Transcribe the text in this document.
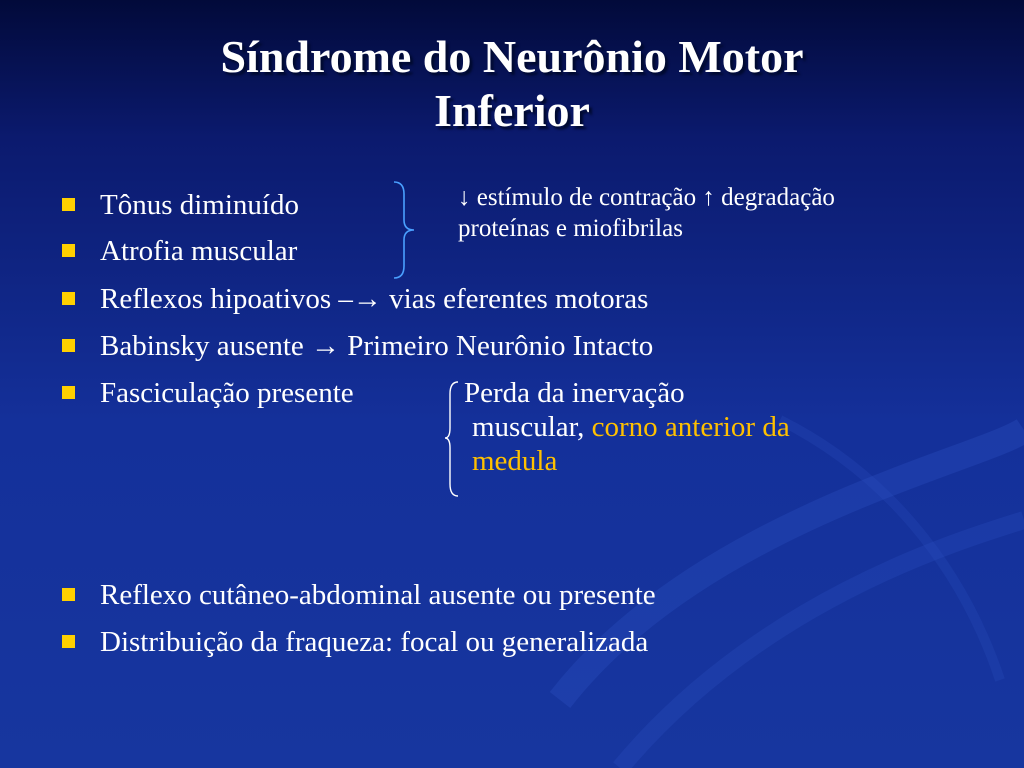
Síndrome do Neurônio Motor
Inferior
Tônus diminuído
Atrofia muscular
Reflexos hipoativos –→ vias eferentes motoras
Babinsky ausente → Primeiro Neurônio Intacto
Fasciculação presente
Reflexo cutâneo-abdominal ausente ou presente
Distribuição da fraqueza: focal ou generalizada
↓ estímulo de contração ↑ degradação
proteínas e miofibrilas
Perda da inervação
muscular, corno anterior da
medula
